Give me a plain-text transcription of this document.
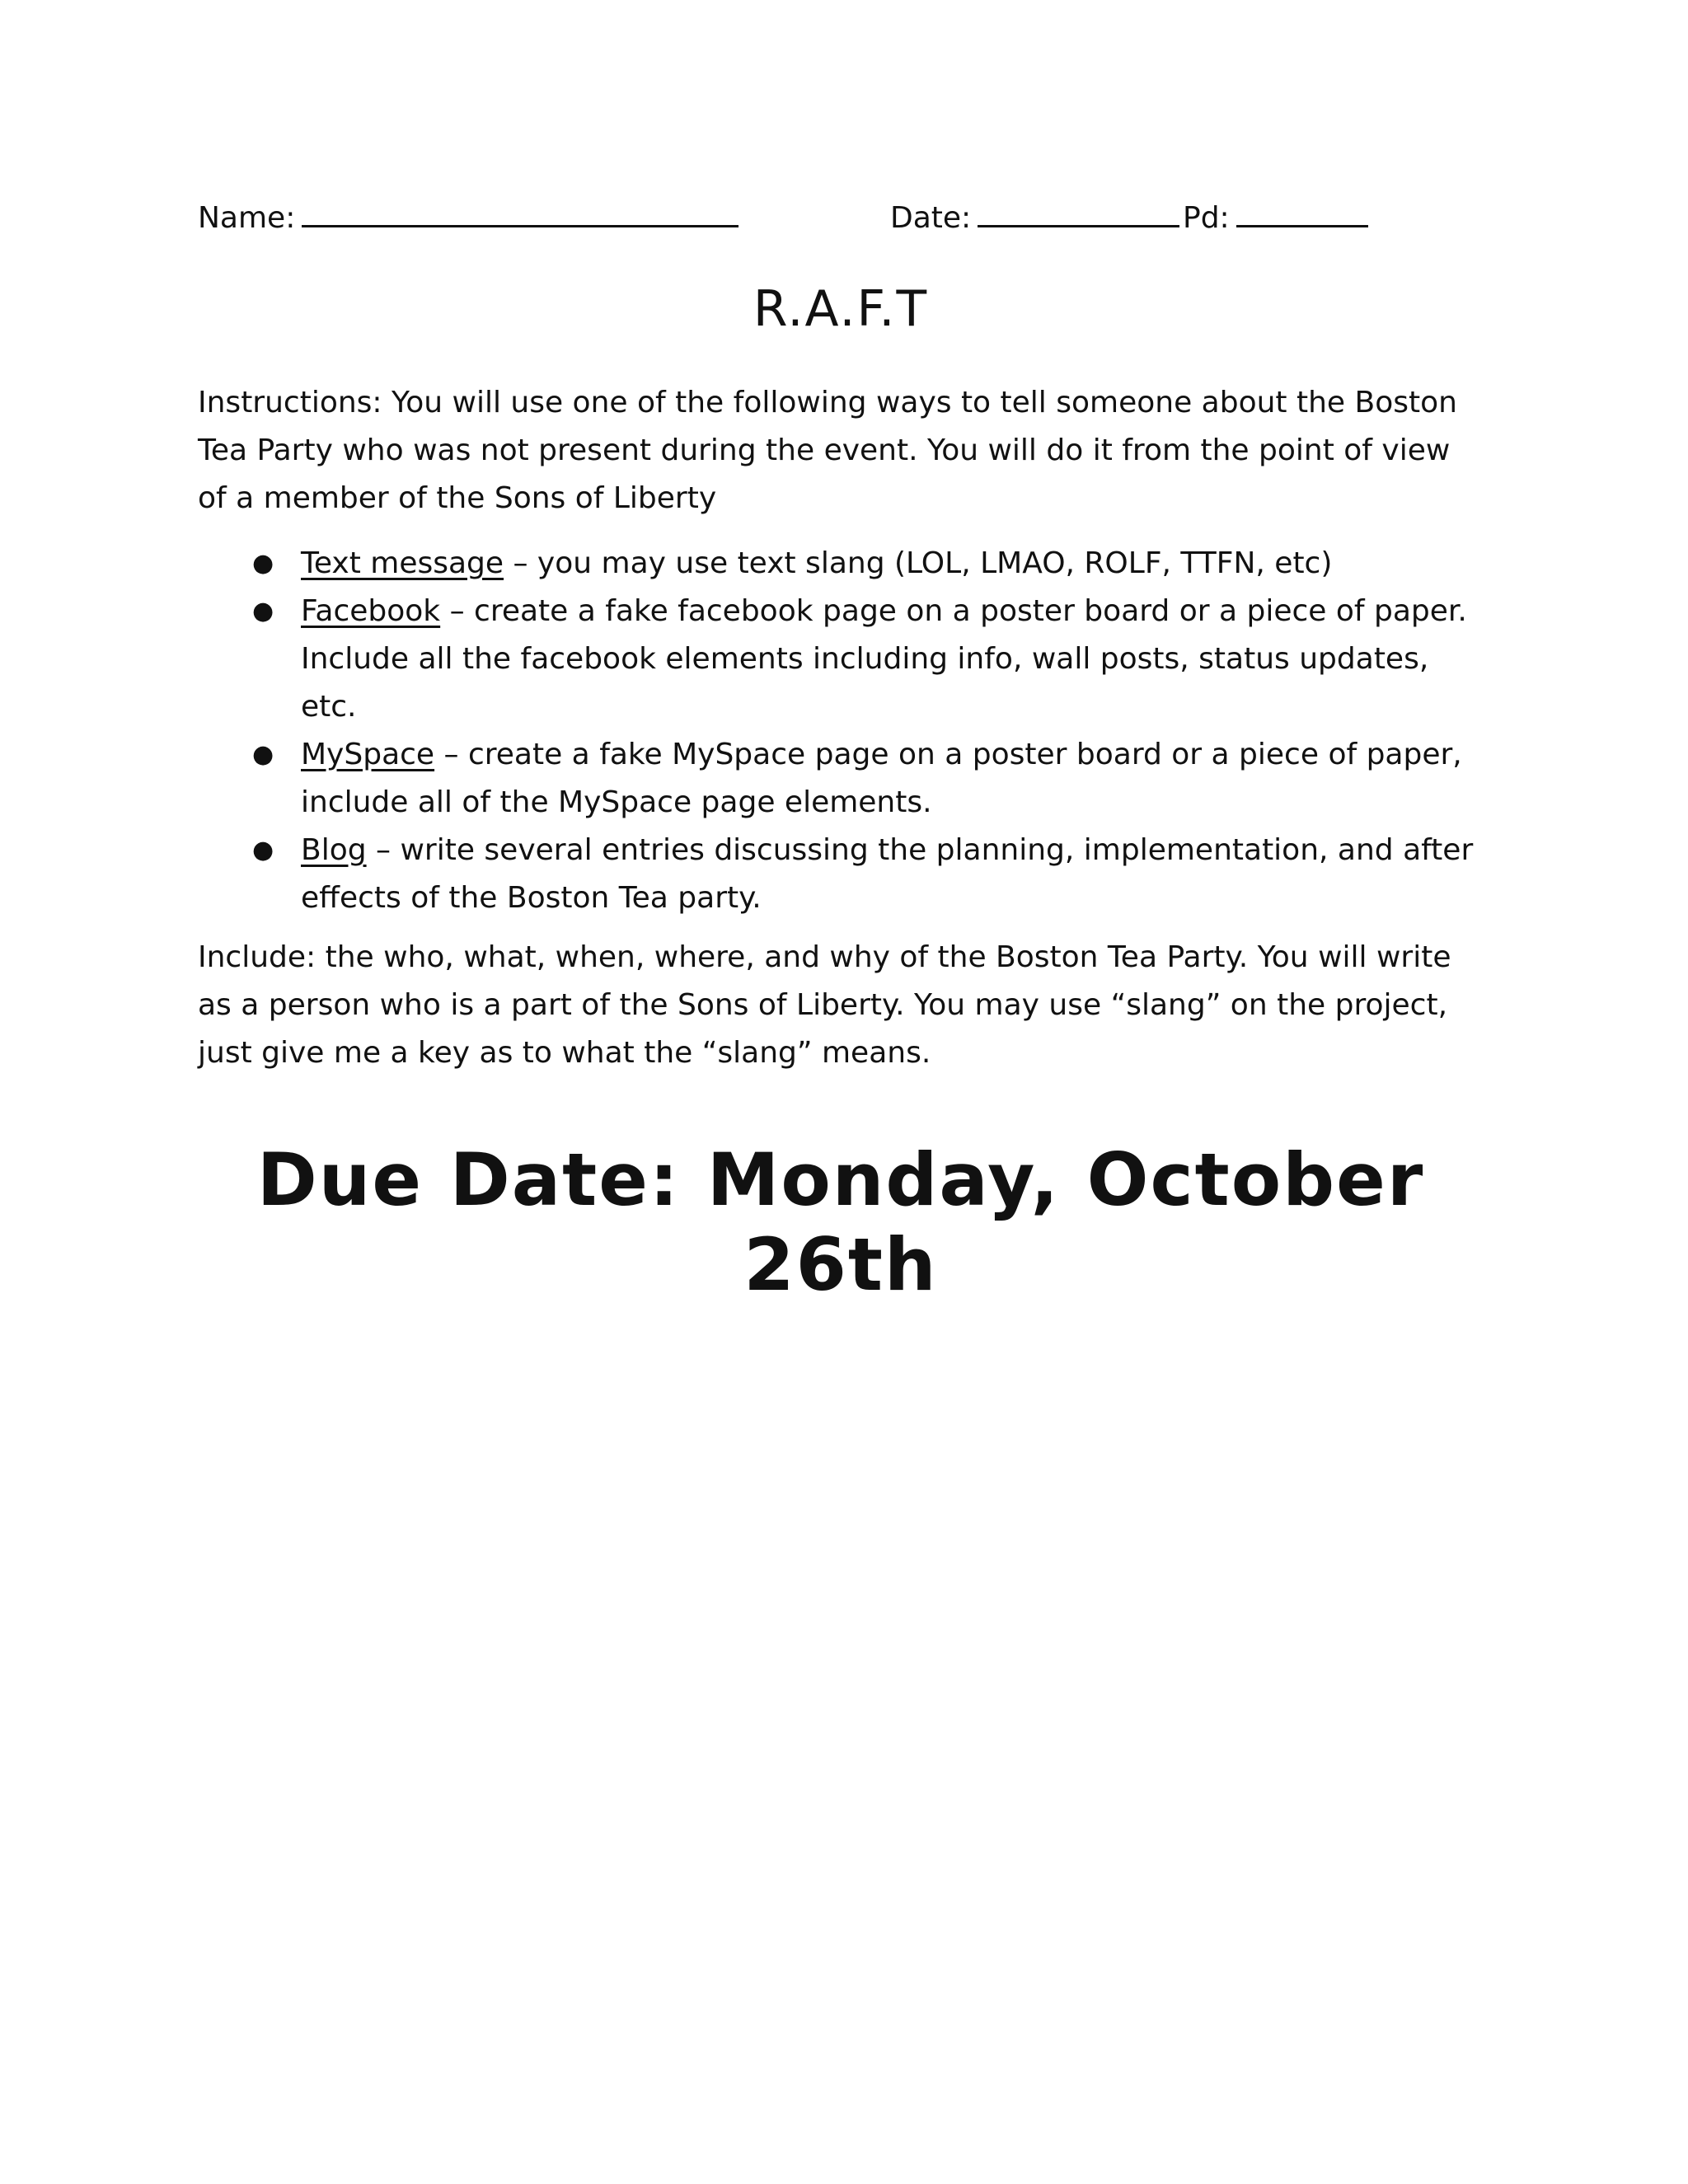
Name:	Date:	Pd:
R.A.F.T
Instructions: You will use one of the following ways to tell someone about the Boston Tea Party who was not present during the event. You will do it from the point of view of a member of the Sons of Liberty
● Text message – you may use text slang (LOL, LMAO, ROLF, TTFN, etc)
● Facebook – create a fake facebook page on a poster board or a piece of paper. Include all the facebook elements including info, wall posts, status updates, etc.
● MySpace – create a fake MySpace page on a poster board or a piece of paper, include all of the MySpace page elements.
● Blog – write several entries discussing the planning, implementation, and after effects of the Boston Tea party.
Include: the who, what, when, where, and why of the Boston Tea Party. You will write as a person who is a part of the Sons of Liberty. You may use “slang” on the project, just give me a key as to what the “slang” means.
Due Date: Monday, October 26th
